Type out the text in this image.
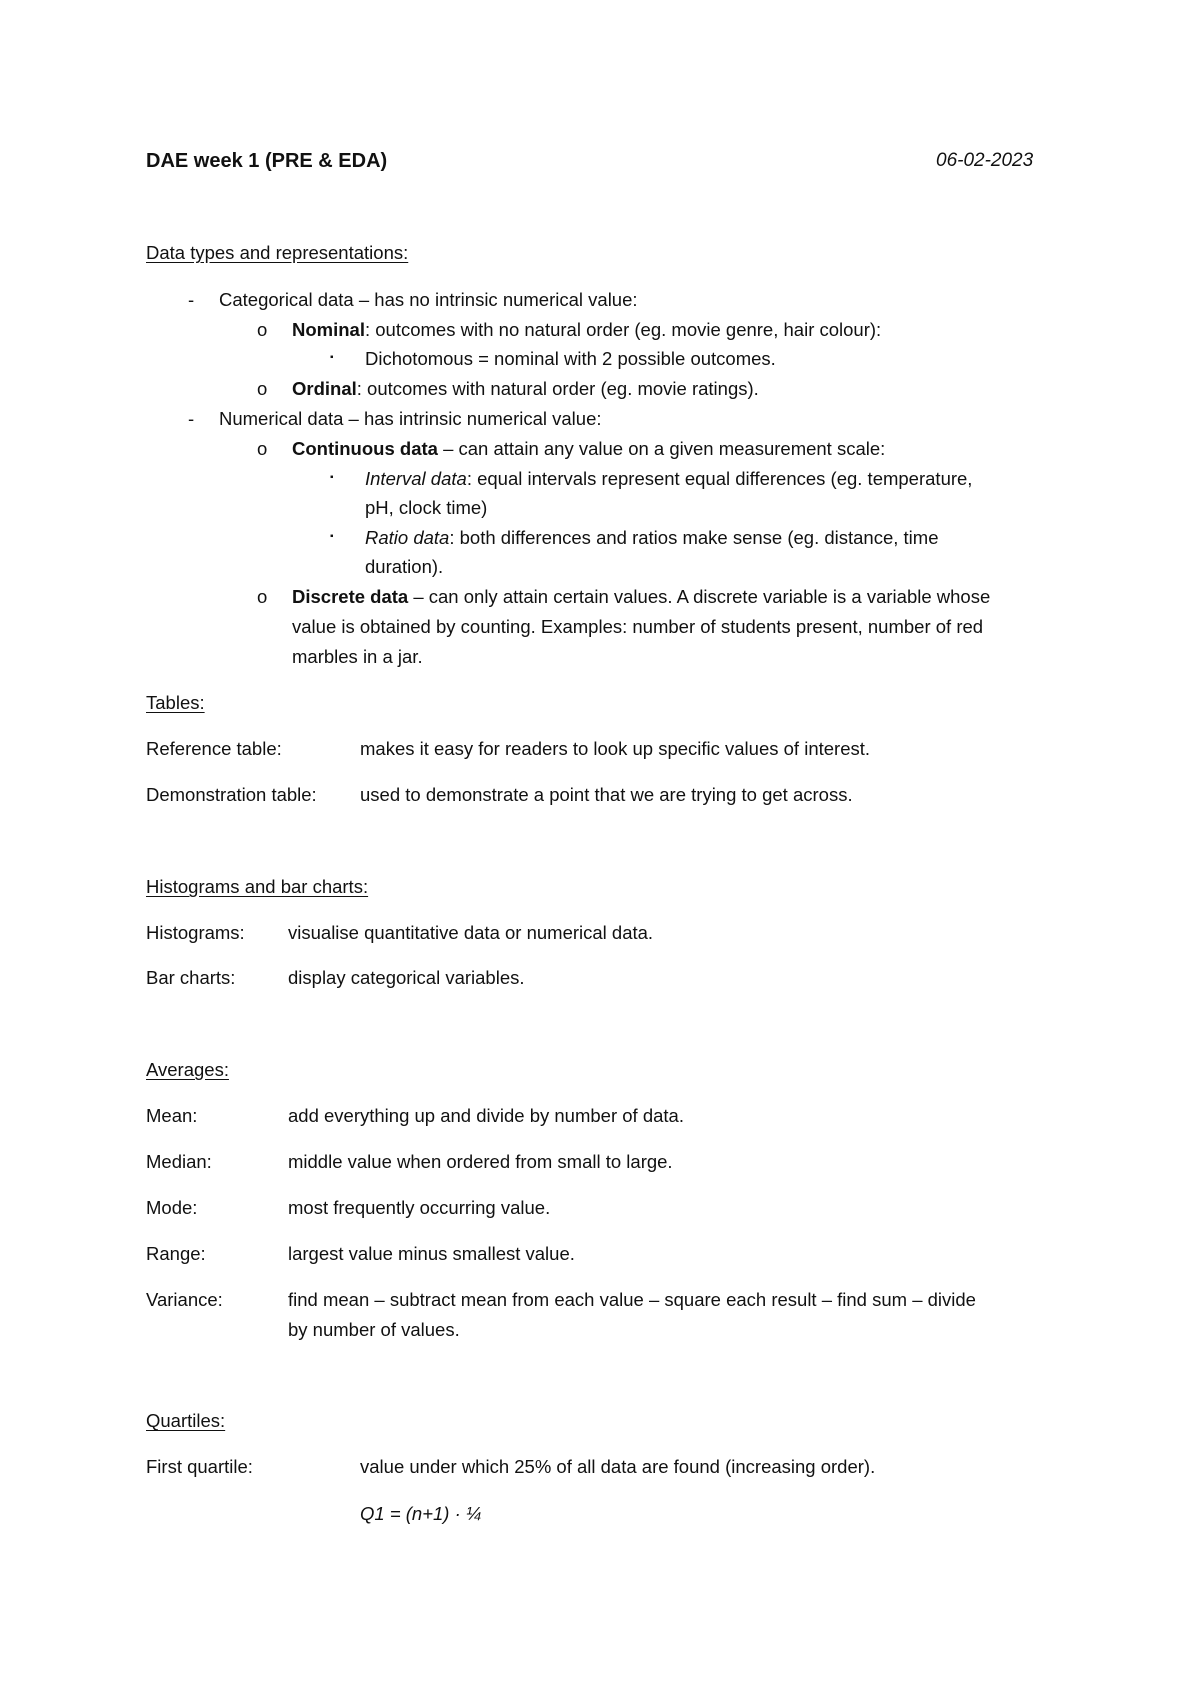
DAE week 1 (PRE & EDA)	06-02-2023
Data types and representations:
- Categorical data – has no intrinsic numerical value:
o Nominal: outcomes with no natural order (eg. movie genre, hair colour):
▪ Dichotomous = nominal with 2 possible outcomes.
o Ordinal: outcomes with natural order (eg. movie ratings).
- Numerical data – has intrinsic numerical value:
o Continuous data – can attain any value on a given measurement scale:
▪ Interval data: equal intervals represent equal differences (eg. temperature,
pH, clock time)
▪ Ratio data: both differences and ratios make sense (eg. distance, time
duration).
o Discrete data – can only attain certain values. A discrete variable is a variable whose
value is obtained by counting. Examples: number of students present, number of red
marbles in a jar.
Tables:
Reference table:	makes it easy for readers to look up specific values of interest.
Demonstration table: used to demonstrate a point that we are trying to get across.
Histograms and bar charts:
Histograms: visualise quantitative data or numerical data.
Bar charts:	display categorical variables.
Averages:
Mean:	add everything up and divide by number of data.
Median:	middle value when ordered from small to large.
Mode:	most frequently occurring value.
Range:	largest value minus smallest value.
Variance:	find mean – subtract mean from each value – square each result – find sum – divide
by number of values.
Quartiles:
First quartile:	value under which 25% of all data are found (increasing order).
Q1 = (n+1) · ¼
